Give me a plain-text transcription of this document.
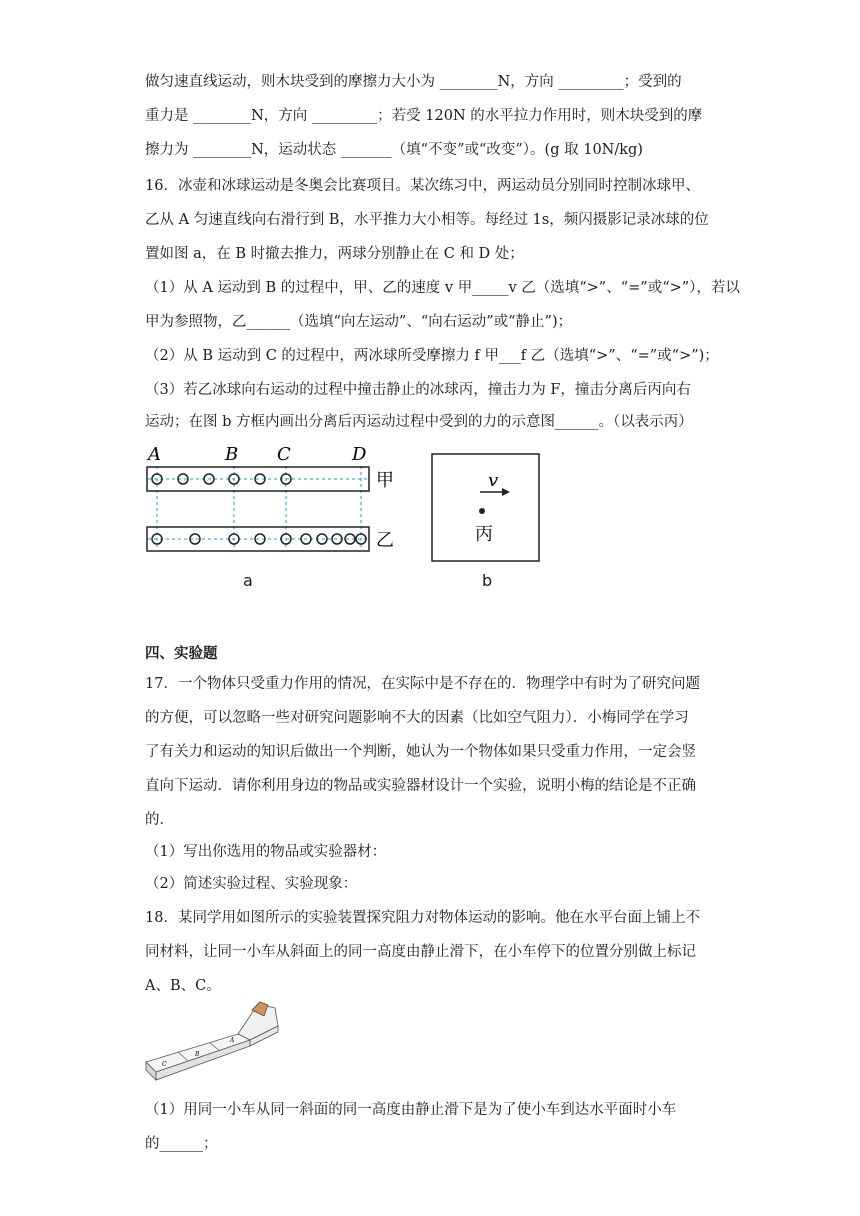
做匀速直线运动，则木块受到的摩擦力大小为 ________N，方向 _________；受到的
重力是 ________N，方向 _________；若受 120N 的水平拉力作用时，则木块受到的摩
擦力为 ________N，运动状态 _______（填“不变”或“改变”）。(g 取 10N/kg)
16．冰壶和冰球运动是冬奥会比赛项目。某次练习中，两运动员分别同时控制冰球甲、
乙从 A 匀速直线向右滑行到 B，水平推力大小相等。每经过 1s，频闪摄影记录冰球的位
置如图 a，在 B 时撤去推力，两球分别静止在 C 和 D 处；
（1）从 A 运动到 B 的过程中，甲、乙的速度 v 甲_____v 乙（选填“>”、“=”或“>”），若以
甲为参照物，乙______（选填“向左运动”、“向右运动”或“静止”)；
（2）从 B 运动到 C 的过程中，两冰球所受摩擦力 f 甲___f 乙（选填“>”、“=”或“>”)；
（3）若乙冰球向右运动的过程中撞击静止的冰球丙，撞击力为 F，撞击分离后丙向右
运动；在图 b 方框内画出分离后丙运动过程中受到的力的示意图______。（以表示丙）
A	B C	D
甲
乙
a
v
丙
b
四、实验题
17．一个物体只受重力作用的情况，在实际中是不存在的．物理学中有时为了研究问题
的方便，可以忽略一些对研究问题影响不大的因素（比如空气阻力）．小梅同学在学习
了有关力和运动的知识后做出一个判断，她认为一个物体如果只受重力作用，一定会竖
直向下运动．请你利用身边的物品或实验器材设计一个实验，说明小梅的结论是不正确
的．
（1）写出你选用的物品或实验器材：
（2）简述实验过程、实验现象：
18．某同学用如图所示的实验装置探究阻力对物体运动的影响。他在水平台面上铺上不
同材料，让同一小车从斜面上的同一高度由静止滑下，在小车停下的位置分别做上标记
A、B、C。
C
B
A
（1）用同一小车从同一斜面的同一高度由静止滑下是为了使小车到达水平面时小车
的______；
